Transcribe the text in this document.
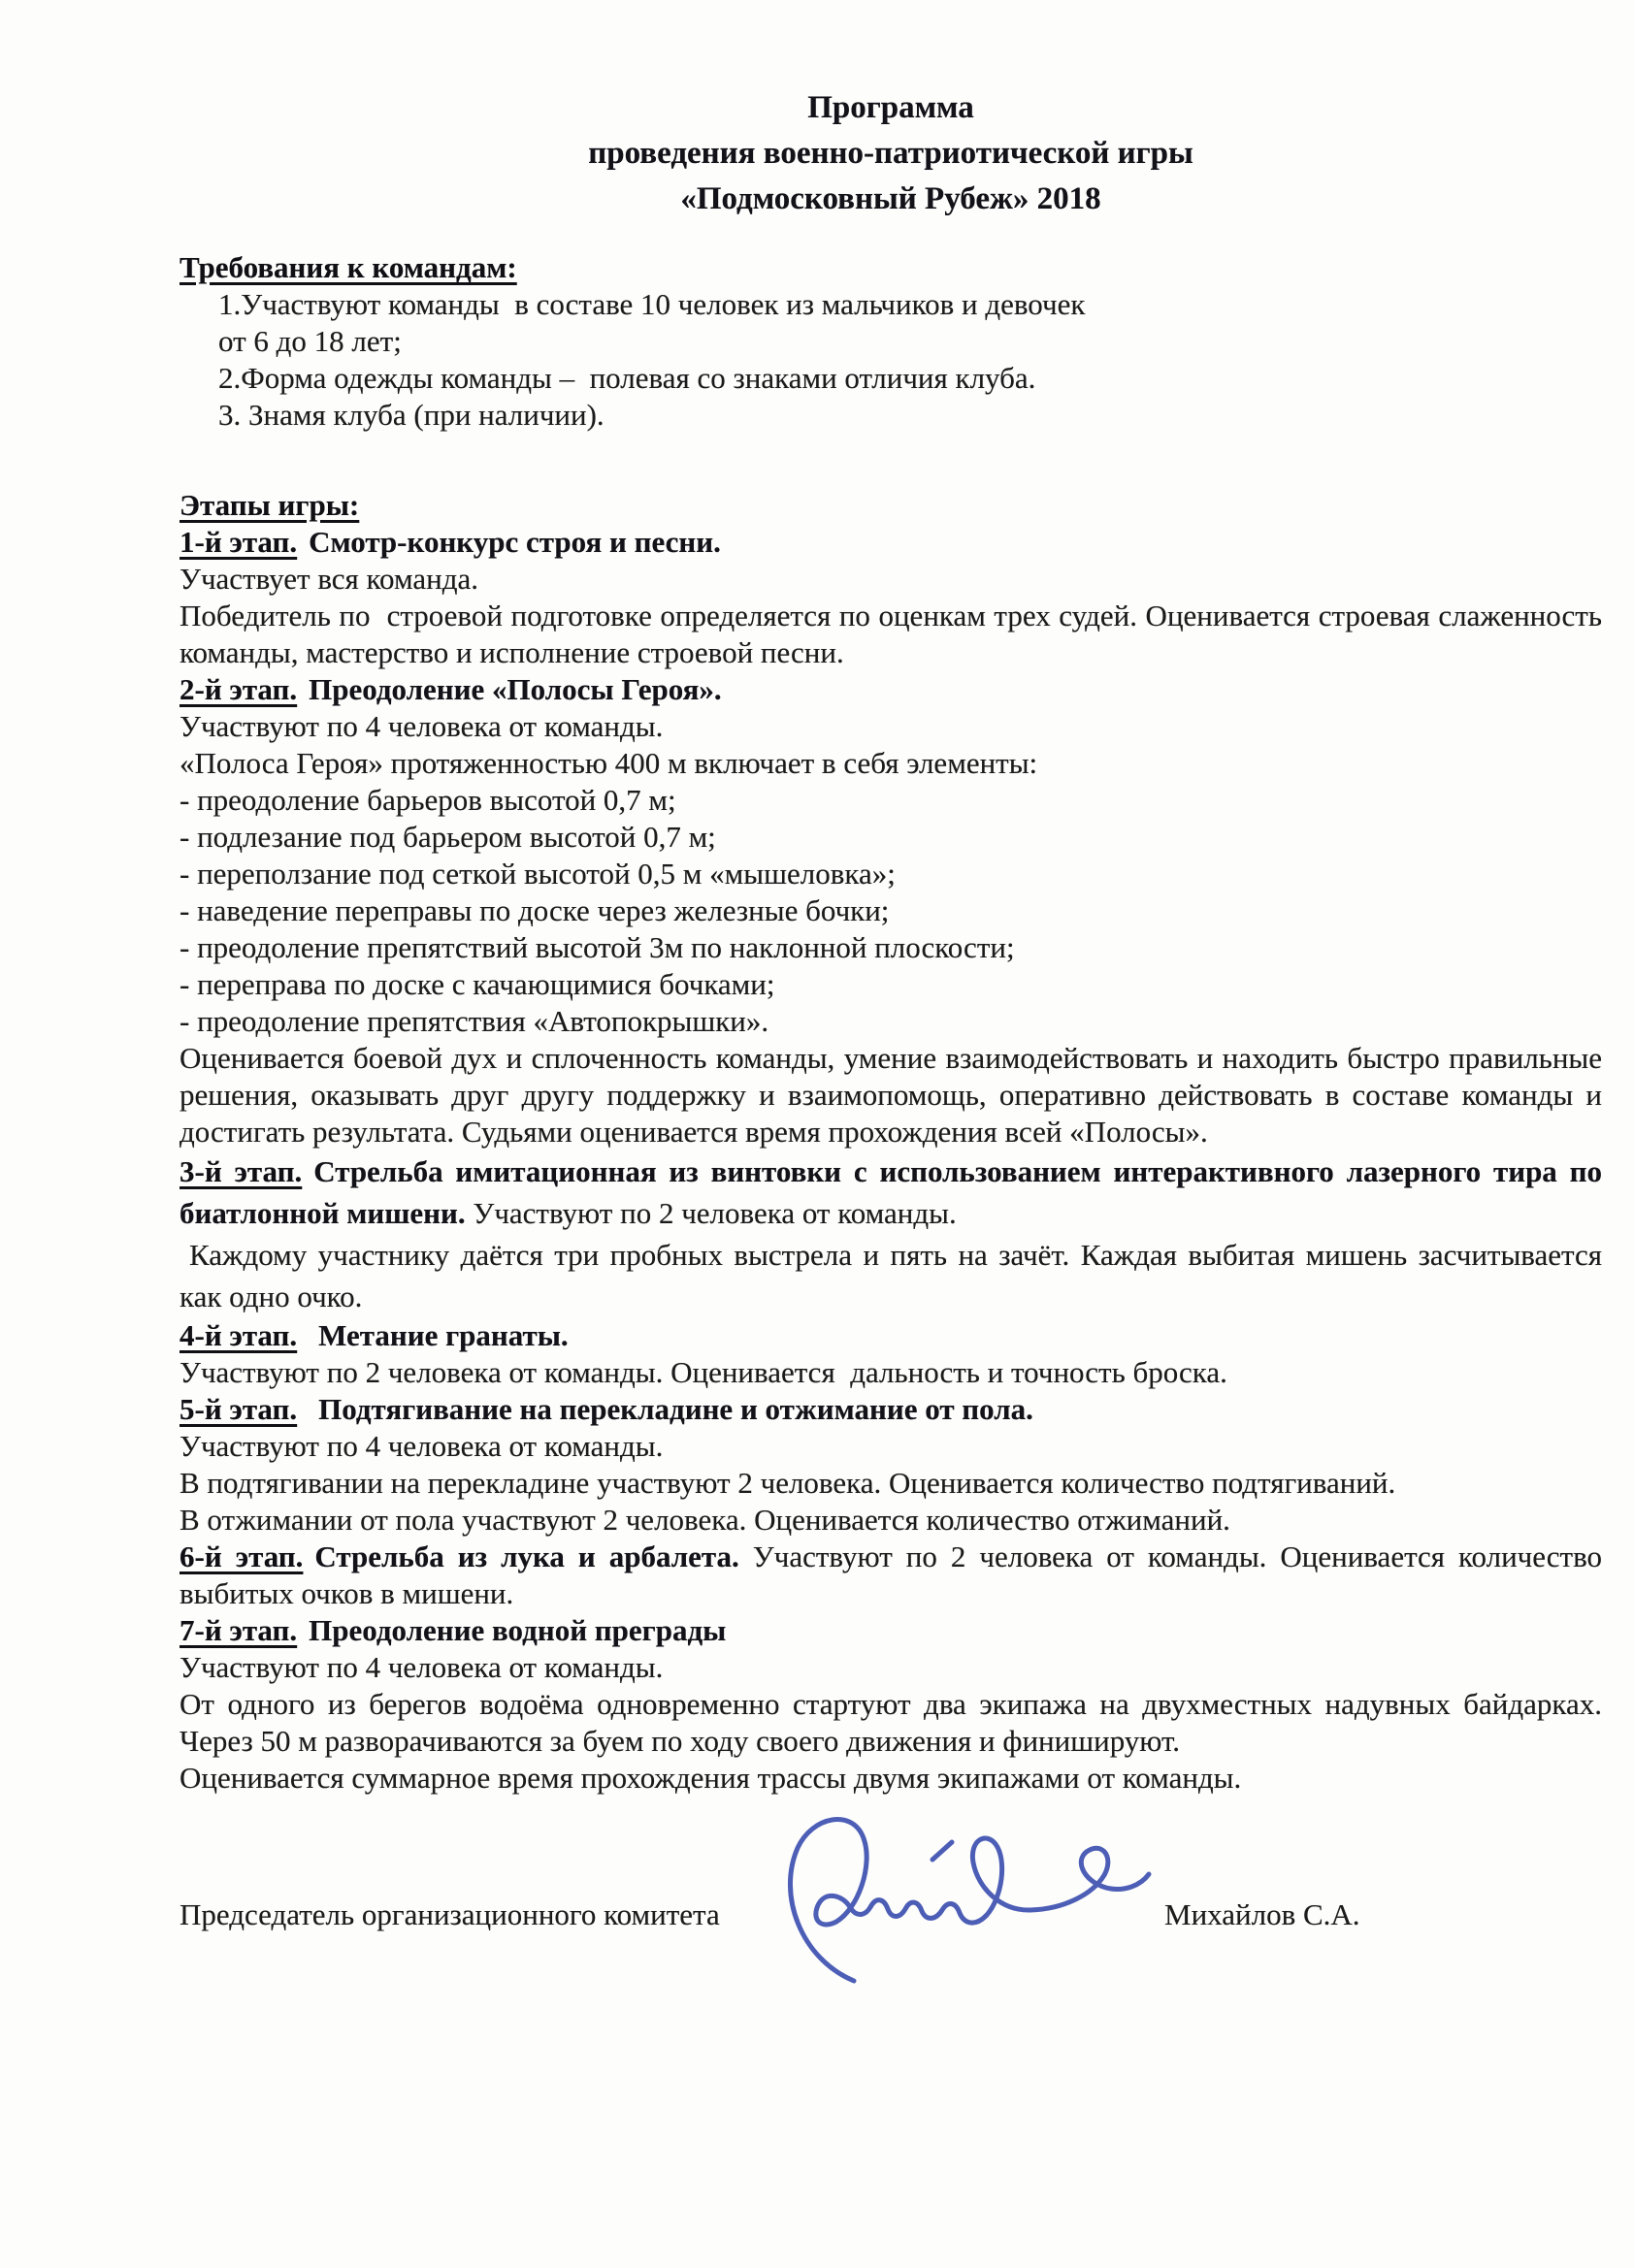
Программа
проведения военно-патриотической игры
«Подмосковный Рубеж» 2018

Требования к командам:

1.Участвуют команды  в составе 10 человек из мальчиков и девочек

от 6 до 18 лет;

2.Форма одежды команды –  полевая со знаками отличия клуба.

3. Знамя клуба (при наличии).

Этапы игры:

1-й этап. Смотр-конкурс строя и песни.

Участвует вся команда.

Победитель по  строевой подготовке определяется по оценкам трех судей. Оценивается строевая слаженность команды, мастерство и исполнение строевой песни.

2-й этап. Преодоление «Полосы Героя».

Участвуют по 4 человека от команды.

«Полоса Героя» протяженностью 400 м включает в себя элементы:

- преодоление барьеров высотой 0,7 м;

- подлезание под барьером высотой 0,7 м;

- переползание под сеткой высотой 0,5 м «мышеловка»;

- наведение переправы по доске через железные бочки;

- преодоление препятствий высотой 3м по наклонной плоскости;

- переправа по доске с качающимися бочками;

- преодоление препятствия «Автопокрышки».

Оценивается боевой дух и сплоченность команды, умение взаимодействовать и находить быстро правильные решения, оказывать друг другу поддержку и взаимопомощь, оперативно действовать в составе команды и достигать результата. Судьями оценивается время прохождения всей «Полосы».

3-й этап. Стрельба имитационная из винтовки с использованием интерактивного лазерного тира по биатлонной мишени. Участвуют по 2 человека от команды.

Каждому участнику даётся три пробных выстрела и пять на зачёт. Каждая выбитая мишень засчитывается как одно очко.

4-й этап. Метание гранаты.

Участвуют по 2 человека от команды. Оценивается  дальность и точность броска.

5-й этап. Подтягивание на перекладине и отжимание от пола.

Участвуют по 4 человека от команды.

В подтягивании на перекладине участвуют 2 человека. Оценивается количество подтягиваний.

В отжимании от пола участвуют 2 человека. Оценивается количество отжиманий.

6-й этап. Стрельба из лука и арбалета. Участвуют по 2 человека от команды. Оценивается количество выбитых очков в мишени.

7-й этап. Преодоление водной преграды

Участвуют по 4 человека от команды.

От одного из берегов водоёма одновременно стартуют два экипажа на двухместных надувных байдарках. Через 50 м разворачиваются за буем по ходу своего движения и финишируют.

Оценивается суммарное время прохождения трассы двумя экипажами от команды.

Председатель организационного комитета	Михайлов С.А.
